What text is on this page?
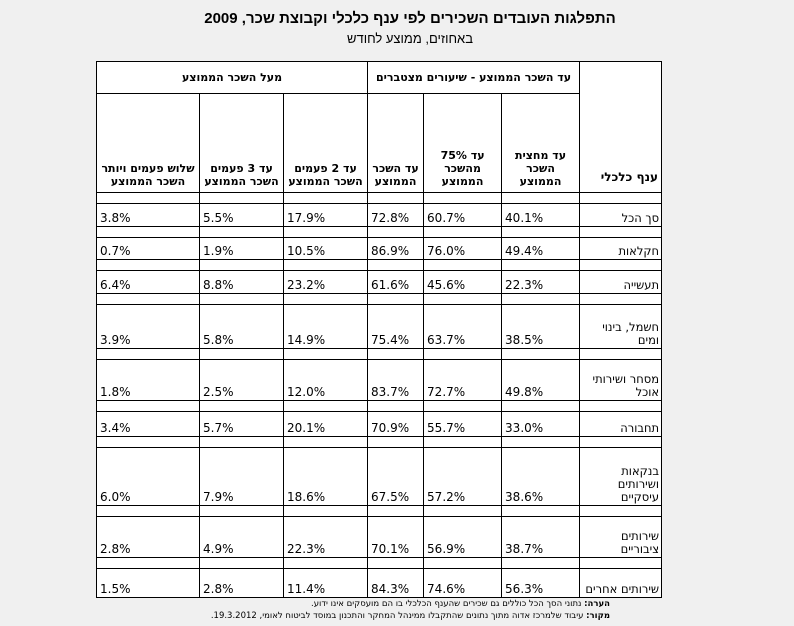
התפלגות העובדים השכירים לפי ענף כלכלי וקבוצת שכר, 2009
באחוזים, ממוצע לחודש
ענף כלכלי	עד השכר הממוצע - שיעורים מצטברים			מעל השכר הממוצע		
	עד מחצית השכר הממוצע	עד 75% מהשכר הממוצע	עד השכר הממוצע	עד 2 פעמים השכר הממוצע	עד 3 פעמים השכר הממוצע	שלוש פעמים ויותר השכר הממוצע

סך הכל	40.1%	60.7%	72.8%	17.9%	5.5%	3.8%

חקלאות	49.4%	76.0%	86.9%	10.5%	1.9%	0.7%

תעשייה	22.3%	45.6%	61.6%	23.2%	8.8%	6.4%

חשמל, בינוי ומים	38.5%	63.7%	75.4%	14.9%	5.8%	3.9%

מסחר ושירותי אוכל	49.8%	72.7%	83.7%	12.0%	2.5%	1.8%

תחבורה	33.0%	55.7%	70.9%	20.1%	5.7%	3.4%

בנקאות ושירותים עיסקיים	38.6%	57.2%	67.5%	18.6%	7.9%	6.0%

שירותים ציבוריים	38.7%	56.9%	70.1%	22.3%	4.9%	2.8%

שירותים אחרים	56.3%	74.6%	84.3%	11.4%	2.8%	1.5%
הערה: נתוני הסך הכל כוללים גם שכירים שהענף הכלכלי בו הם מועסקים אינו ידוע.
מקור: עיבוד שלמרכז אדוה מתוך נתונים שהתקבלו ממינהל המחקר והתכנון במוסד לביטוח לאומי, 19.3.2012.
